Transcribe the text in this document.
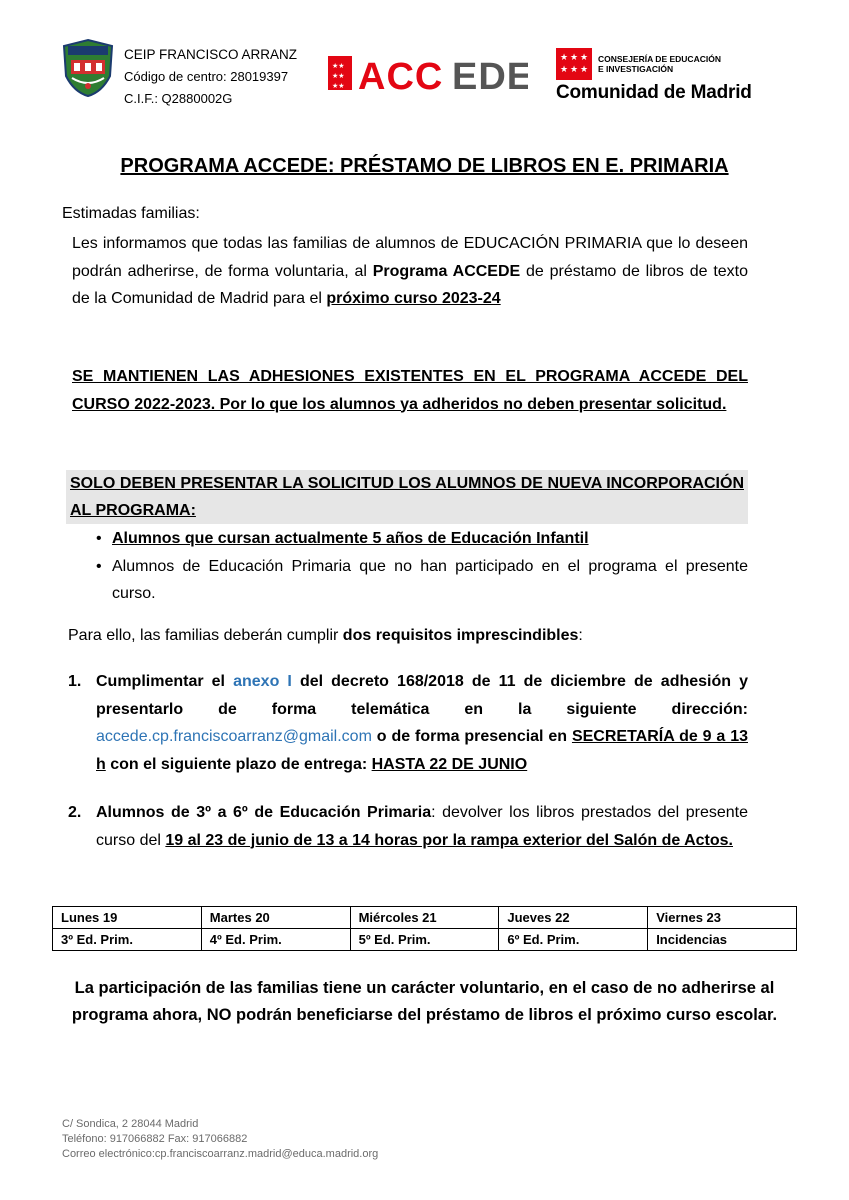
CEIP FRANCISCO ARRANZ
Código de centro: 28019397
C.I.F.: Q2880002G
★★
★★
★★ ACC EDE	★ ★ ★
★ ★ ★
CONSEJERÍA DE EDUCACIÓN
E INVESTIGACIÓN
Comunidad de Madrid
PROGRAMA ACCEDE: PRÉSTAMO DE LIBROS EN E. PRIMARIA
Estimadas familias:
Les informamos que todas las familias de alumnos de EDUCACIÓN PRIMARIA que lo deseen podrán adherirse, de forma voluntaria, al Programa ACCEDE de préstamo de libros de texto de la Comunidad de Madrid para el próximo curso 2023-24
SE MANTIENEN LAS ADHESIONES EXISTENTES EN EL PROGRAMA ACCEDE DEL CURSO 2022-2023. Por lo que los alumnos ya adheridos no deben presentar solicitud.
SOLO DEBEN PRESENTAR LA SOLICITUD LOS ALUMNOS DE NUEVA INCORPORACIÓN AL PROGRAMA:
• Alumnos que cursan actualmente 5 años de Educación Infantil
• Alumnos de Educación Primaria que no han participado en el programa el presente curso.
Para ello, las familias deberán cumplir dos requisitos imprescindibles:
1. Cumplimentar el anexo I del decreto 168/2018 de 11 de diciembre de adhesión y presentarlo de forma telemática en la siguiente dirección: accede.cp.franciscoarranz@gmail.com o de forma presencial en SECRETARÍA de 9 a 13 h con el siguiente plazo de entrega: HASTA 22 DE JUNIO
2. Alumnos de 3º a 6º de Educación Primaria: devolver los libros prestados del presente curso del 19 al 23 de junio de 13 a 14 horas por la rampa exterior del Salón de Actos.
Lunes 19	Martes 20	Miércoles 21	Jueves 22	Viernes 23
3º Ed. Prim.	4º Ed. Prim.	5º Ed. Prim.	6º Ed. Prim.	Incidencias
La participación de las familias tiene un carácter voluntario, en el caso de no adherirse al programa ahora, NO podrán beneficiarse del préstamo de libros el próximo curso escolar.
C/ Sondica, 2 28044 Madrid
Teléfono: 917066882 Fax: 917066882
Correo electrónico:cp.franciscoarranz.madrid@educa.madrid.org
